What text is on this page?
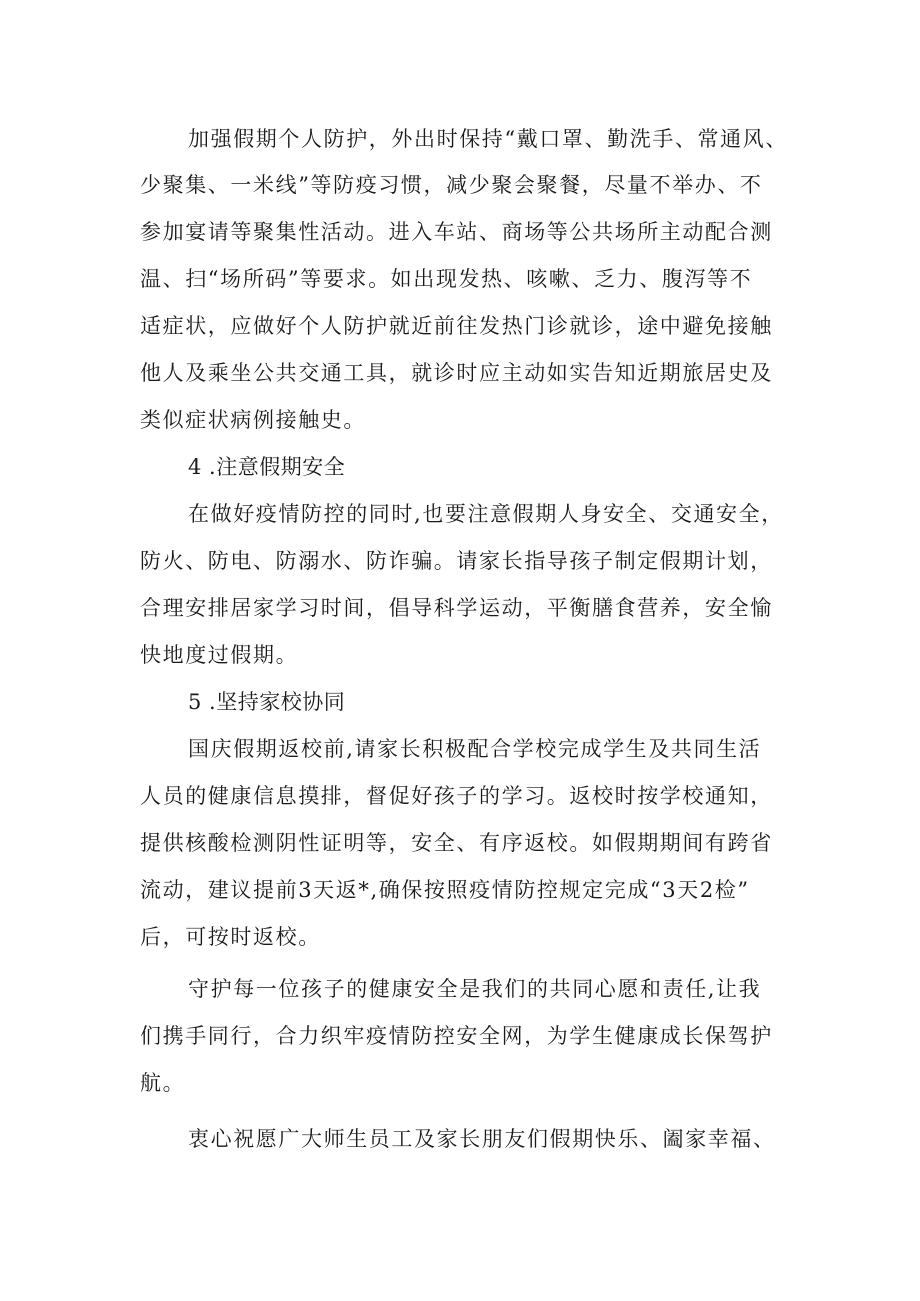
加强假期个人防护，外出时保持“戴口罩、勤洗手、常通风、
少聚集、一米线”等防疫习惯，减少聚会聚餐，尽量不举办、不
参加宴请等聚集性活动。进入车站、商场等公共场所主动配合测
温、扫“场所码”等要求。如出现发热、咳嗽、乏力、腹泻等不
适症状，应做好个人防护就近前往发热门诊就诊，途中避免接触
他人及乘坐公共交通工具，就诊时应主动如实告知近期旅居史及
类似症状病例接触史。
4 .注意假期安全
在做好疫情防控的同时,也要注意假期人身安全、交通安全，
防火、防电、防溺水、防诈骗。请家长指导孩子制定假期计划，
合理安排居家学习时间，倡导科学运动，平衡膳食营养，安全愉
快地度过假期。
5 .坚持家校协同
国庆假期返校前,请家长积极配合学校完成学生及共同生活
人员的健康信息摸排，督促好孩子的学习。返校时按学校通知，
提供核酸检测阴性证明等，安全、有序返校。如假期期间有跨省
流动，建议提前3天返*,确保按照疫情防控规定完成“3天2检”
后，可按时返校。
守护每一位孩子的健康安全是我们的共同心愿和责任,让我
们携手同行，合力织牢疫情防控安全网，为学生健康成长保驾护
航。
衷心祝愿广大师生员工及家长朋友们假期快乐、阖家幸福、
